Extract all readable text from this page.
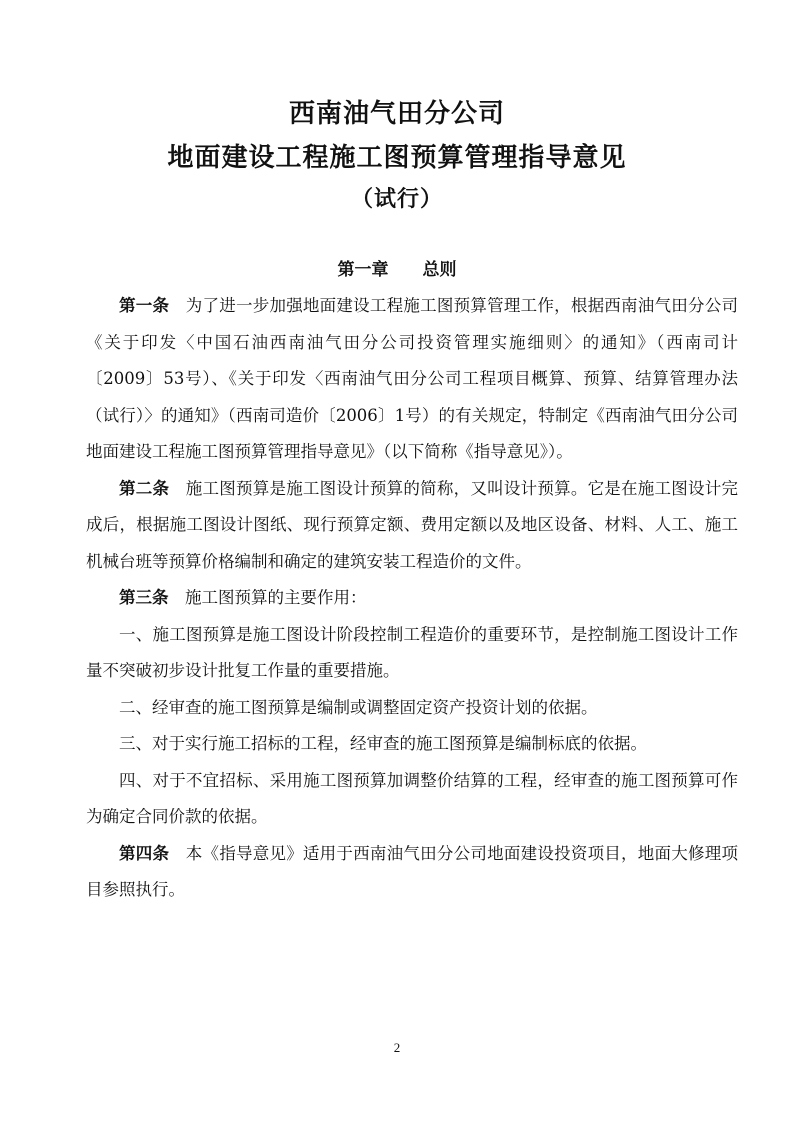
西南油气田分公司
地面建设工程施工图预算管理指导意见
（试行）
第一章　　总则

第一条 为了进一步加强地面建设工程施工图预算管理工作，根据西南油气田分公司《关于印发〈中国石油西南油气田分公司投资管理实施细则〉的通知》（西南司计〔2009〕53号）、《关于印发〈西南油气田分公司工程项目概算、预算、结算管理办法（试行）〉的通知》（西南司造价〔2006〕1号）的有关规定，特制定《西南油气田分公司地面建设工程施工图预算管理指导意见》（以下简称《指导意见》）。

第二条 施工图预算是施工图设计预算的简称，又叫设计预算。它是在施工图设计完成后，根据施工图设计图纸、现行预算定额、费用定额以及地区设备、材料、人工、施工机械台班等预算价格编制和确定的建筑安装工程造价的文件。

第三条 施工图预算的主要作用：

一、施工图预算是施工图设计阶段控制工程造价的重要环节，是控制施工图设计工作量不突破初步设计批复工作量的重要措施。

二、经审查的施工图预算是编制或调整固定资产投资计划的依据。

三、对于实行施工招标的工程，经审查的施工图预算是编制标底的依据。

四、对于不宜招标、采用施工图预算加调整价结算的工程，经审查的施工图预算可作为确定合同价款的依据。

第四条 本《指导意见》适用于西南油气田分公司地面建设投资项目，地面大修理项目参照执行。

2
